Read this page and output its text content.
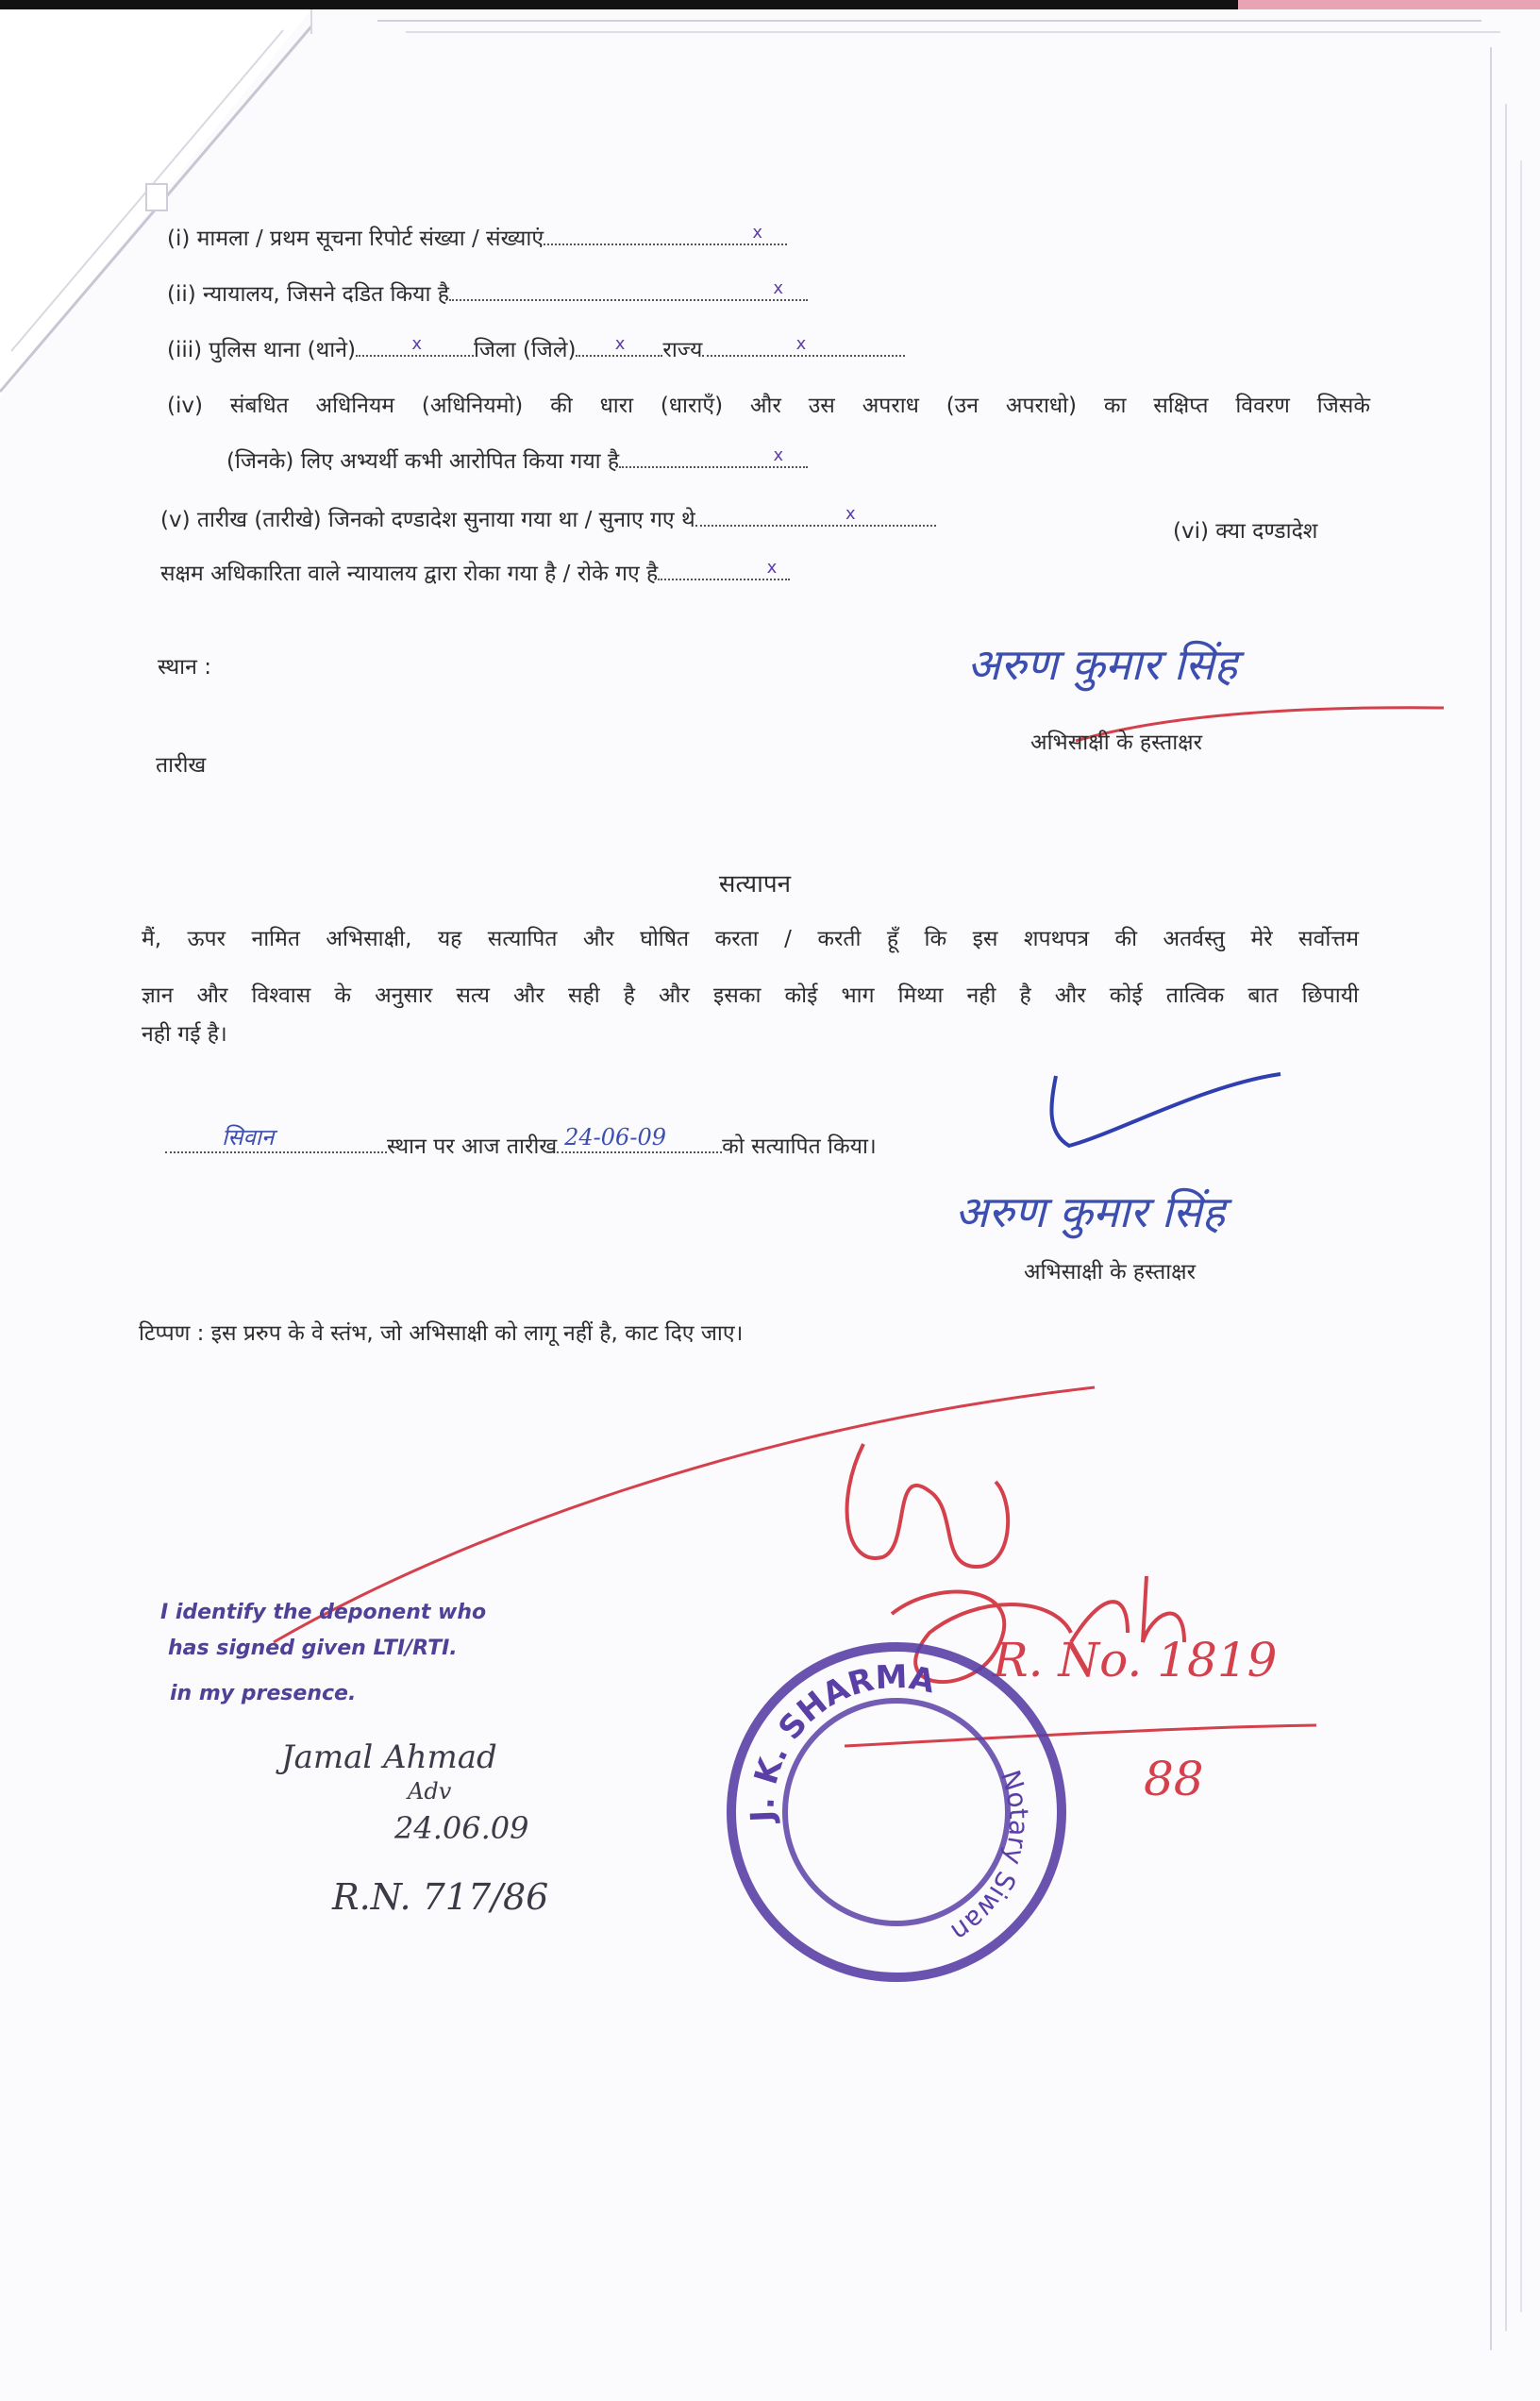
(i) मामला / प्रथम सूचना रिपोर्ट संख्या / संख्याएं	x
(ii) न्यायालय, जिसने दडित किया है	x
(iii) पुलिस थाना (थाने)	x जिला (जिले) x राज्य	x
(iv) संबधित अधिनियम (अधिनियमो) की धारा (धाराएँ) और उस अपराध (उन अपराधो) का सक्षिप्त विवरण जिसके
(जिनके) लिए अभ्यर्थी कभी आरोपित किया गया है	x
(v) तारीख (तारीखे) जिनको दण्डादेश सुनाया गया था / सुनाए गए थे	x
(vi) क्या दण्डादेश
सक्षम अधिकारिता वाले न्यायालय द्वारा रोका गया है / रोके गए है	x
स्थान :
तारीख
अरुण कुमार सिंह
अभिसाक्षी के हस्ताक्षर
सत्यापन
मैं, ऊपर नामित अभिसाक्षी, यह सत्यापित और घोषित करता / करती हूँ कि इस शपथपत्र की अतर्वस्तु मेरे सर्वोत्तम
ज्ञान और विश्वास के अनुसार सत्य और सही है और इसका कोई भाग मिथ्या नही है और कोई तात्विक बात छिपायी
नही गई है।
सिवान	स्थान पर आज तारीख 24-06-09	को सत्यापित किया।
अरुण कुमार सिंह
अभिसाक्षी के हस्ताक्षर
टिप्पण : इस प्ररुप के वे स्तंभ, जो अभिसाक्षी को लागू नहीं है, काट दिए जाए।
R. No. 1819
88
I identify the deponent who
has signed given LTI/RTI.
in my presence.
Jamal Ahmad
Adv
24.06.09
R.N. 717/86
J. K. SHARMA
Notary Siwan
